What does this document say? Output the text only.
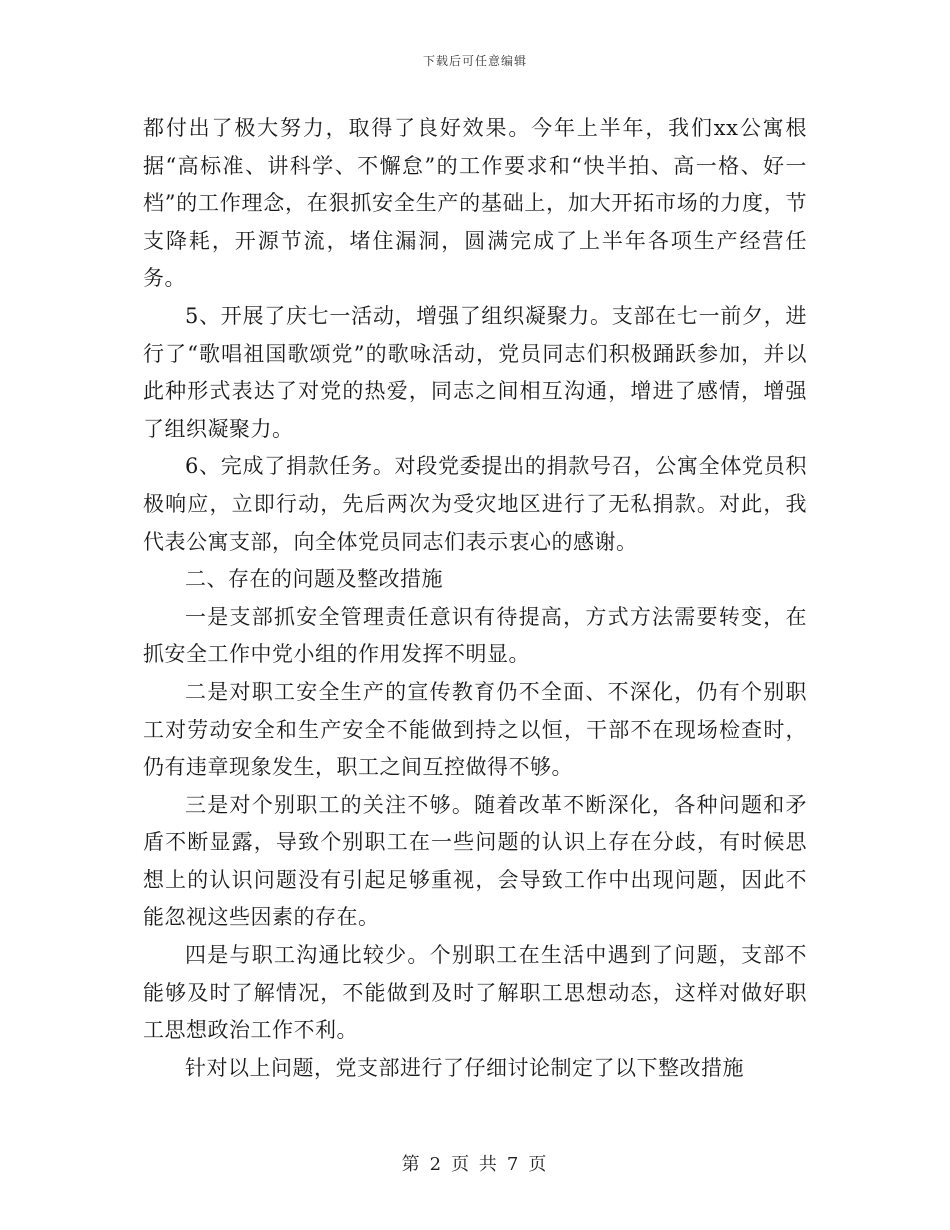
下载后可任意编辑

都付出了极大努力，取得了良好效果。今年上半年，我们xx公寓根据“高标准、讲科学、不懈怠”的工作要求和“快半拍、高一格、好一档”的工作理念，在狠抓安全生产的基础上，加大开拓市场的力度，节支降耗，开源节流，堵住漏洞，圆满完成了上半年各项生产经营任务。

5、开展了庆七一活动，增强了组织凝聚力。支部在七一前夕，进行了“歌唱祖国歌颂党”的歌咏活动，党员同志们积极踊跃参加，并以此种形式表达了对党的热爱，同志之间相互沟通，增进了感情，增强了组织凝聚力。

6、完成了捐款任务。对段党委提出的捐款号召，公寓全体党员积极响应，立即行动，先后两次为受灾地区进行了无私捐款。对此，我代表公寓支部，向全体党员同志们表示衷心的感谢。

二、存在的问题及整改措施

一是支部抓安全管理责任意识有待提高，方式方法需要转变，在抓安全工作中党小组的作用发挥不明显。

二是对职工安全生产的宣传教育仍不全面、不深化，仍有个别职工对劳动安全和生产安全不能做到持之以恒，干部不在现场检查时，仍有违章现象发生，职工之间互控做得不够。

三是对个别职工的关注不够。随着改革不断深化，各种问题和矛盾不断显露，导致个别职工在一些问题的认识上存在分歧，有时候思想上的认识问题没有引起足够重视，会导致工作中出现问题，因此不能忽视这些因素的存在。

四是与职工沟通比较少。个别职工在生活中遇到了问题，支部不能够及时了解情况，不能做到及时了解职工思想动态，这样对做好职工思想政治工作不利。

针对以上问题，党支部进行了仔细讨论制定了以下整改措施

第 2 页 共 7 页
